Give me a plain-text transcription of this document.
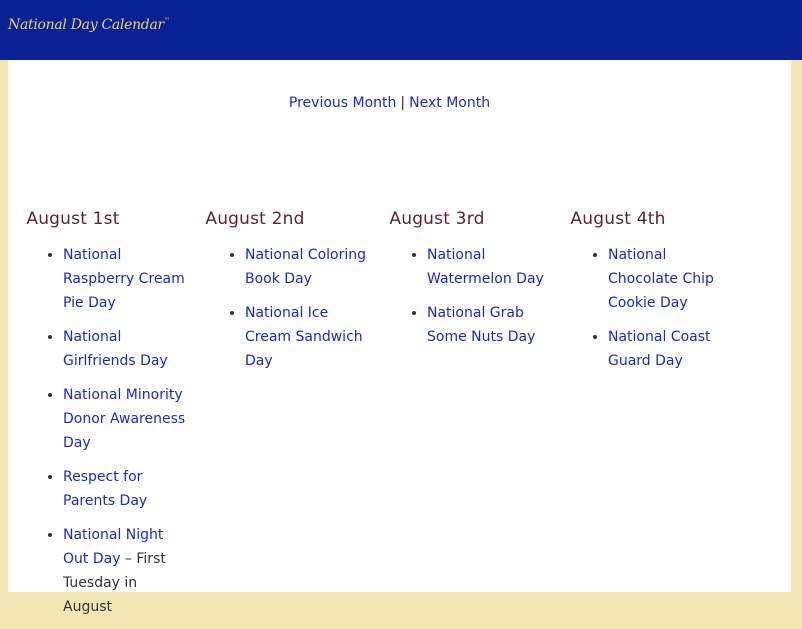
National Day Calendar™
Previous Month | Next Month
August 1st
• National Raspberry Cream Pie Day
• National Girlfriends Day
• National Minority Donor Awareness Day
• Respect for Parents Day
• National Night Out Day – First Tuesday in August
August 2nd
• National Coloring Book Day
• National Ice Cream Sandwich Day
August 3rd
• National Watermelon Day
• National Grab Some Nuts Day
August 4th
• National Chocolate Chip Cookie Day
• National Coast Guard Day
